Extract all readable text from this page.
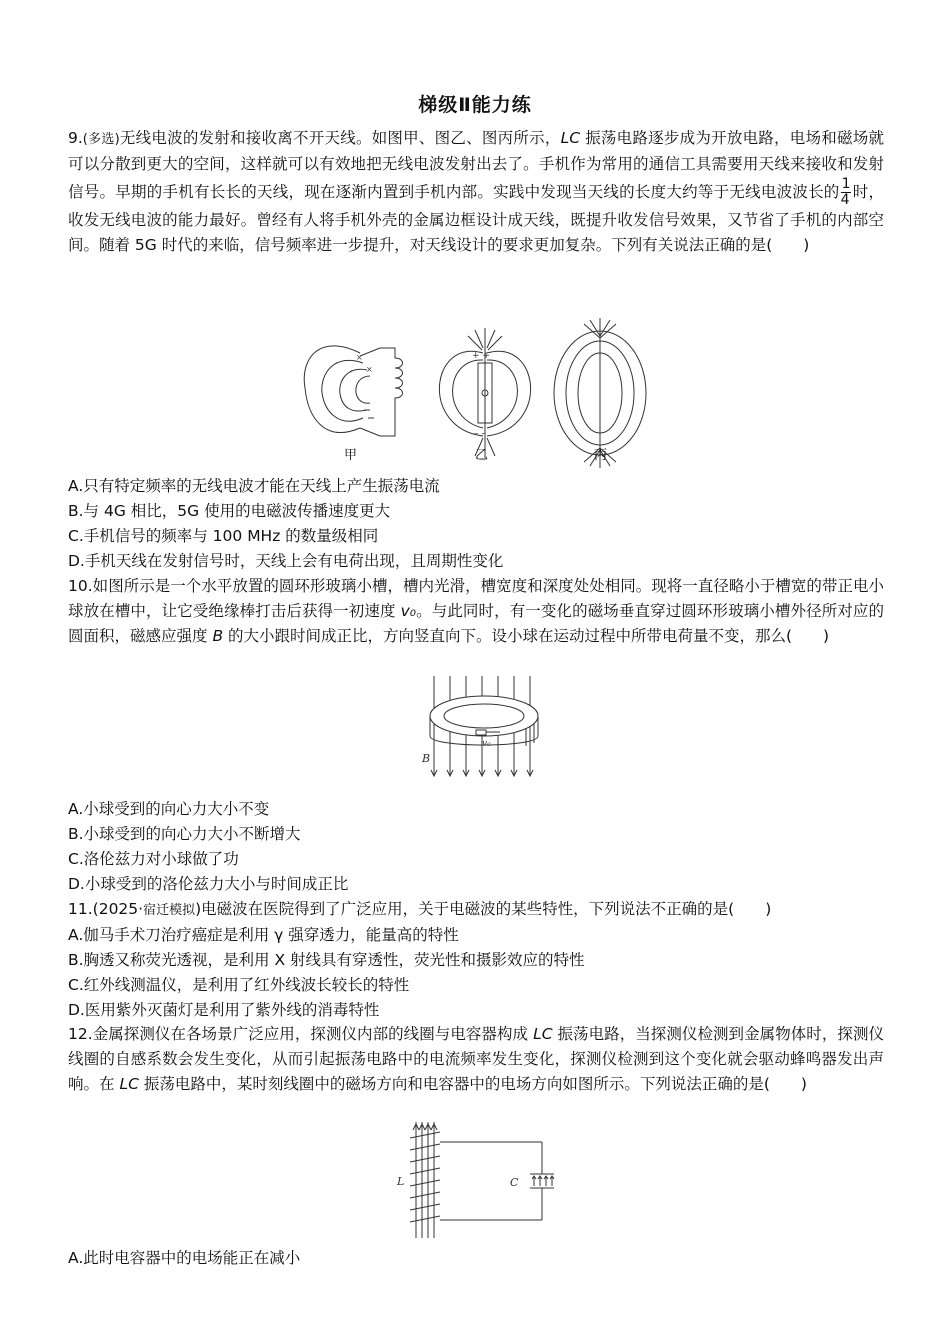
梯级Ⅱ能力练
9.(多选)无线电波的发射和接收离不开天线。如图甲、图乙、图丙所示，LC 振荡电路逐步成为开放电路，电场和磁场就可以分散到更大的空间，这样就可以有效地把无线电波发射出去了。手机作为常用的通信工具需要用天线来接收和发射信号。早期的手机有长长的天线，现在逐渐内置到手机内部。实践中发现当天线的长度大约等于无线电波波长的 $\frac{1}{4}$ 时，收发无线电波的能力最好。曾经有人将手机外壳的金属边框设计成天线，既提升收发信号效果，又节省了手机的内部空间。随着 5G 时代的来临，信号频率进一步提升，对天线设计的要求更加复杂。下列有关说法正确的是(　　)
×
×
+ +
– –
甲	乙	丙
A.只有特定频率的无线电波才能在天线上产生振荡电流
B.与 4G 相比，5G 使用的电磁波传播速度更大
C.手机信号的频率与 100 MHz 的数量级相同
D.手机天线在发射信号时，天线上会有电荷出现，且周期性变化
10.如图所示是一个水平放置的圆环形玻璃小槽，槽内光滑，槽宽度和深度处处相同。现将一直径略小于槽宽的带正电小球放在槽中，让它受绝缘棒打击后获得一初速度 v₀。与此同时，有一变化的磁场垂直穿过圆环形玻璃小槽外径所对应的圆面积，磁感应强度 B 的大小跟时间成正比，方向竖直向下。设小球在运动过程中所带电荷量不变，那么(　　)
B
v₀
A.小球受到的向心力大小不变
B.小球受到的向心力大小不断增大
C.洛伦兹力对小球做了功
D.小球受到的洛伦兹力大小与时间成正比
11.(2025·宿迁模拟)电磁波在医院得到了广泛应用，关于电磁波的某些特性，下列说法不正确的是(　　)
A.伽马手术刀治疗癌症是利用 γ 强穿透力，能量高的特性
B.胸透又称荧光透视，是利用 X 射线具有穿透性，荧光性和摄影效应的特性
C.红外线测温仪，是利用了红外线波长较长的特性
D.医用紫外灭菌灯是利用了紫外线的消毒特性
12.金属探测仪在各场景广泛应用，探测仪内部的线圈与电容器构成 LC 振荡电路，当探测仪检测到金属物体时，探测仪线圈的自感系数会发生变化，从而引起振荡电路中的电流频率发生变化，探测仪检测到这个变化就会驱动蜂鸣器发出声响。在 LC 振荡电路中，某时刻线圈中的磁场方向和电容器中的电场方向如图所示。下列说法正确的是(　　)
L	C
A.此时电容器中的电场能正在减小
